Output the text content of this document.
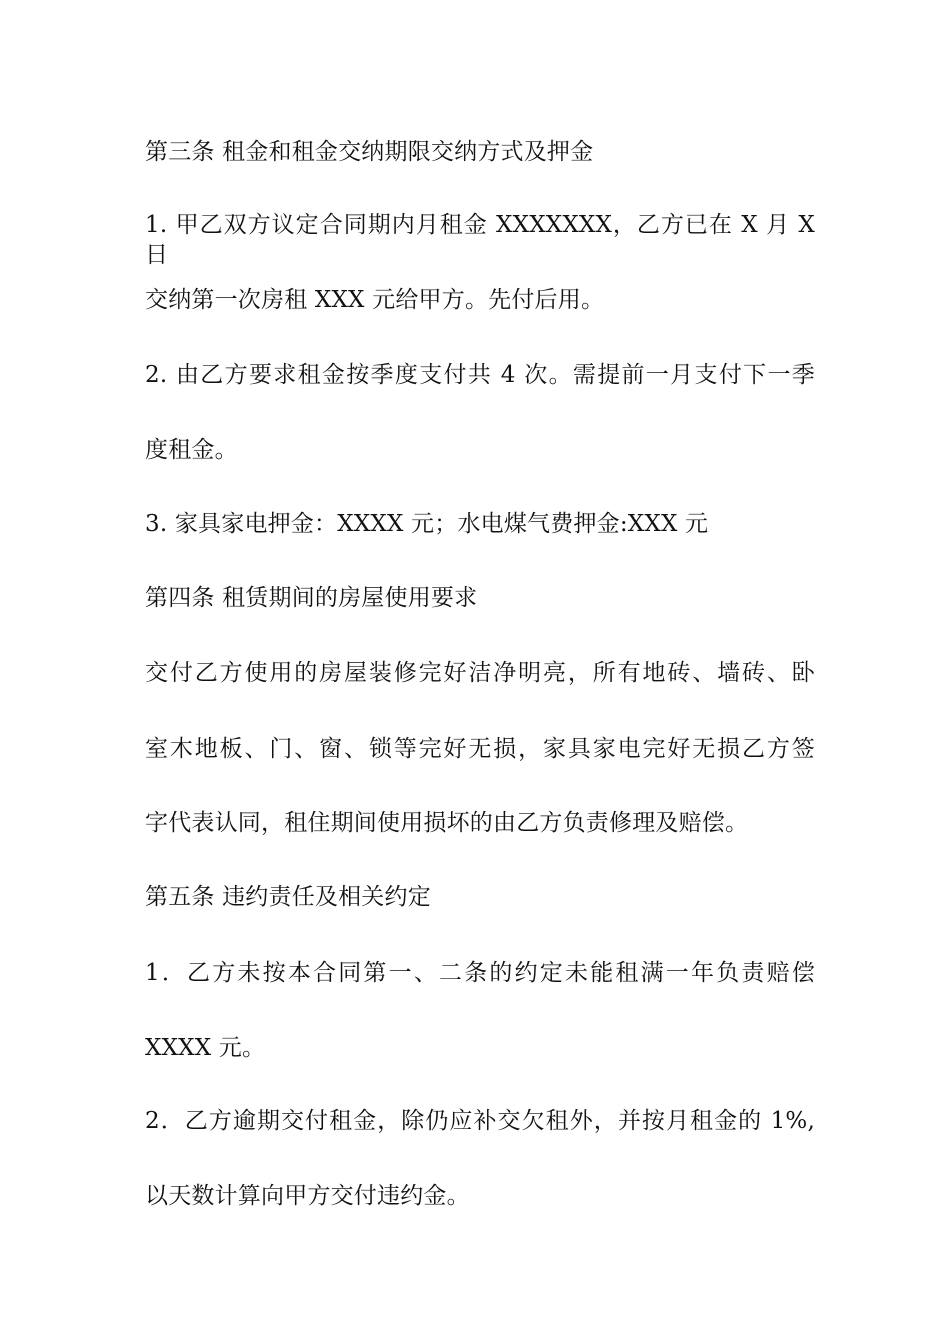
第三条 租金和租金交纳期限交纳方式及押金
1. 甲乙双方议定合同期内月租金 XXXXXXX，乙方已在 X 月 X 日
交纳第一次房租 XXX 元给甲方。先付后用。
2. 由乙方要求租金按季度支付共 4 次。需提前一月支付下一季
度租金。
3. 家具家电押金：XXXX 元；水电煤气费押金:XXX 元
第四条 租赁期间的房屋使用要求
交付乙方使用的房屋装修完好洁净明亮，所有地砖、墙砖、卧
室木地板、门、窗、锁等完好无损，家具家电完好无损乙方签
字代表认同，租住期间使用损坏的由乙方负责修理及赔偿。
第五条 违约责任及相关约定
1．乙方未按本合同第一、二条的约定未能租满一年负责赔偿
XXXX 元。
2．乙方逾期交付租金，除仍应补交欠租外，并按月租金的 1%,
以天数计算向甲方交付违约金。
